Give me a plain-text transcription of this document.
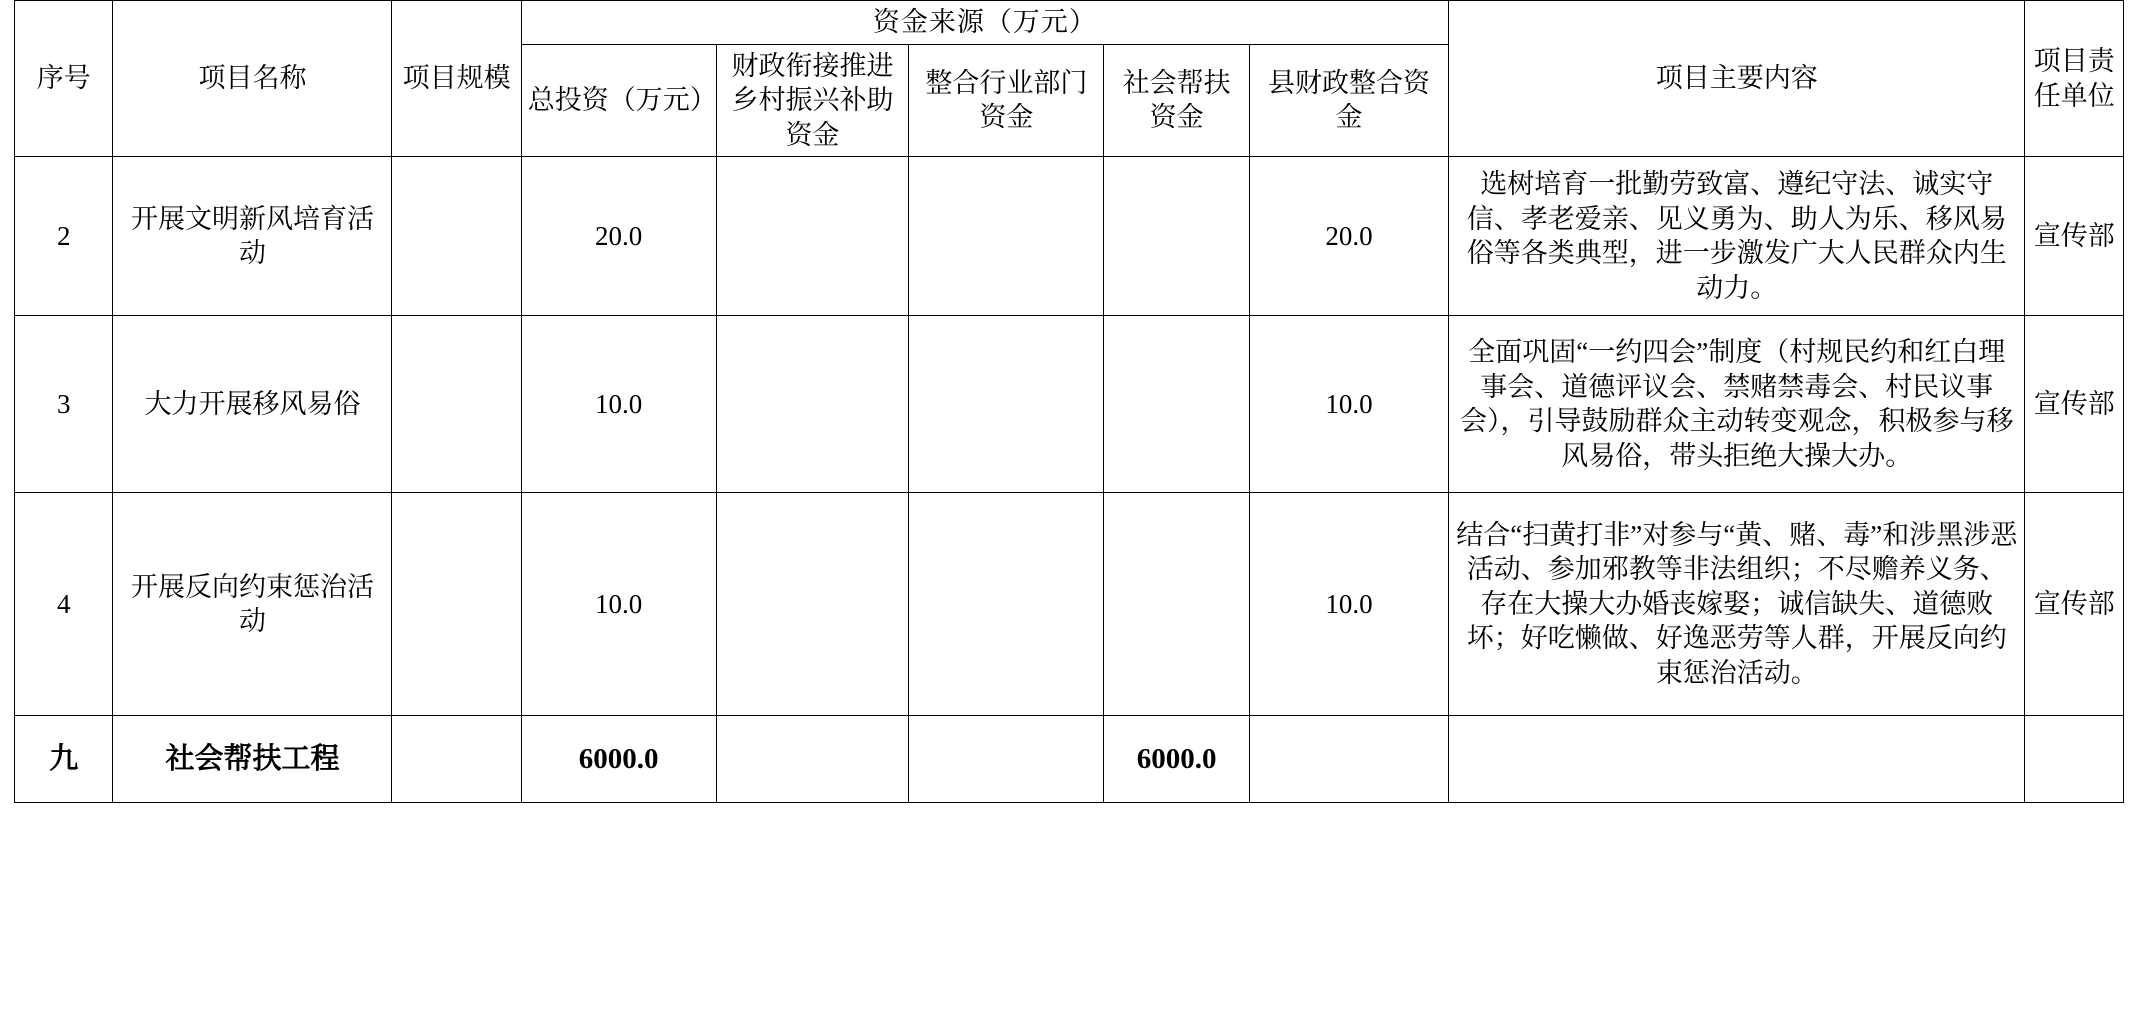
序号	项目名称	项目规模	资金来源（万元）					项目主要内容	项目责任单位
			总投资（万元）	财政衔接推进乡村振兴补助资金	整合行业部门资金	社会帮扶资金	县财政整合资金		
2	开展文明新风培育活动		20.0				20.0	选树培育一批勤劳致富、遵纪守法、诚实守信、孝老爱亲、见义勇为、助人为乐、移风易俗等各类典型，进一步激发广大人民群众内生动力。	宣传部
3	大力开展移风易俗		10.0				10.0	全面巩固“一约四会”制度（村规民约和红白理事会、道德评议会、禁赌禁毒会、村民议事会），引导鼓励群众主动转变观念，积极参与移风易俗，带头拒绝大操大办。	宣传部
4	开展反向约束惩治活动		10.0				10.0	结合“扫黄打非”对参与“黄、赌、毒”和涉黑涉恶活动、参加邪教等非法组织；不尽赡养义务、存在大操大办婚丧嫁娶；诚信缺失、道德败坏；好吃懒做、好逸恶劳等人群，开展反向约束惩治活动。	宣传部
九	社会帮扶工程		6000.0			6000.0			
